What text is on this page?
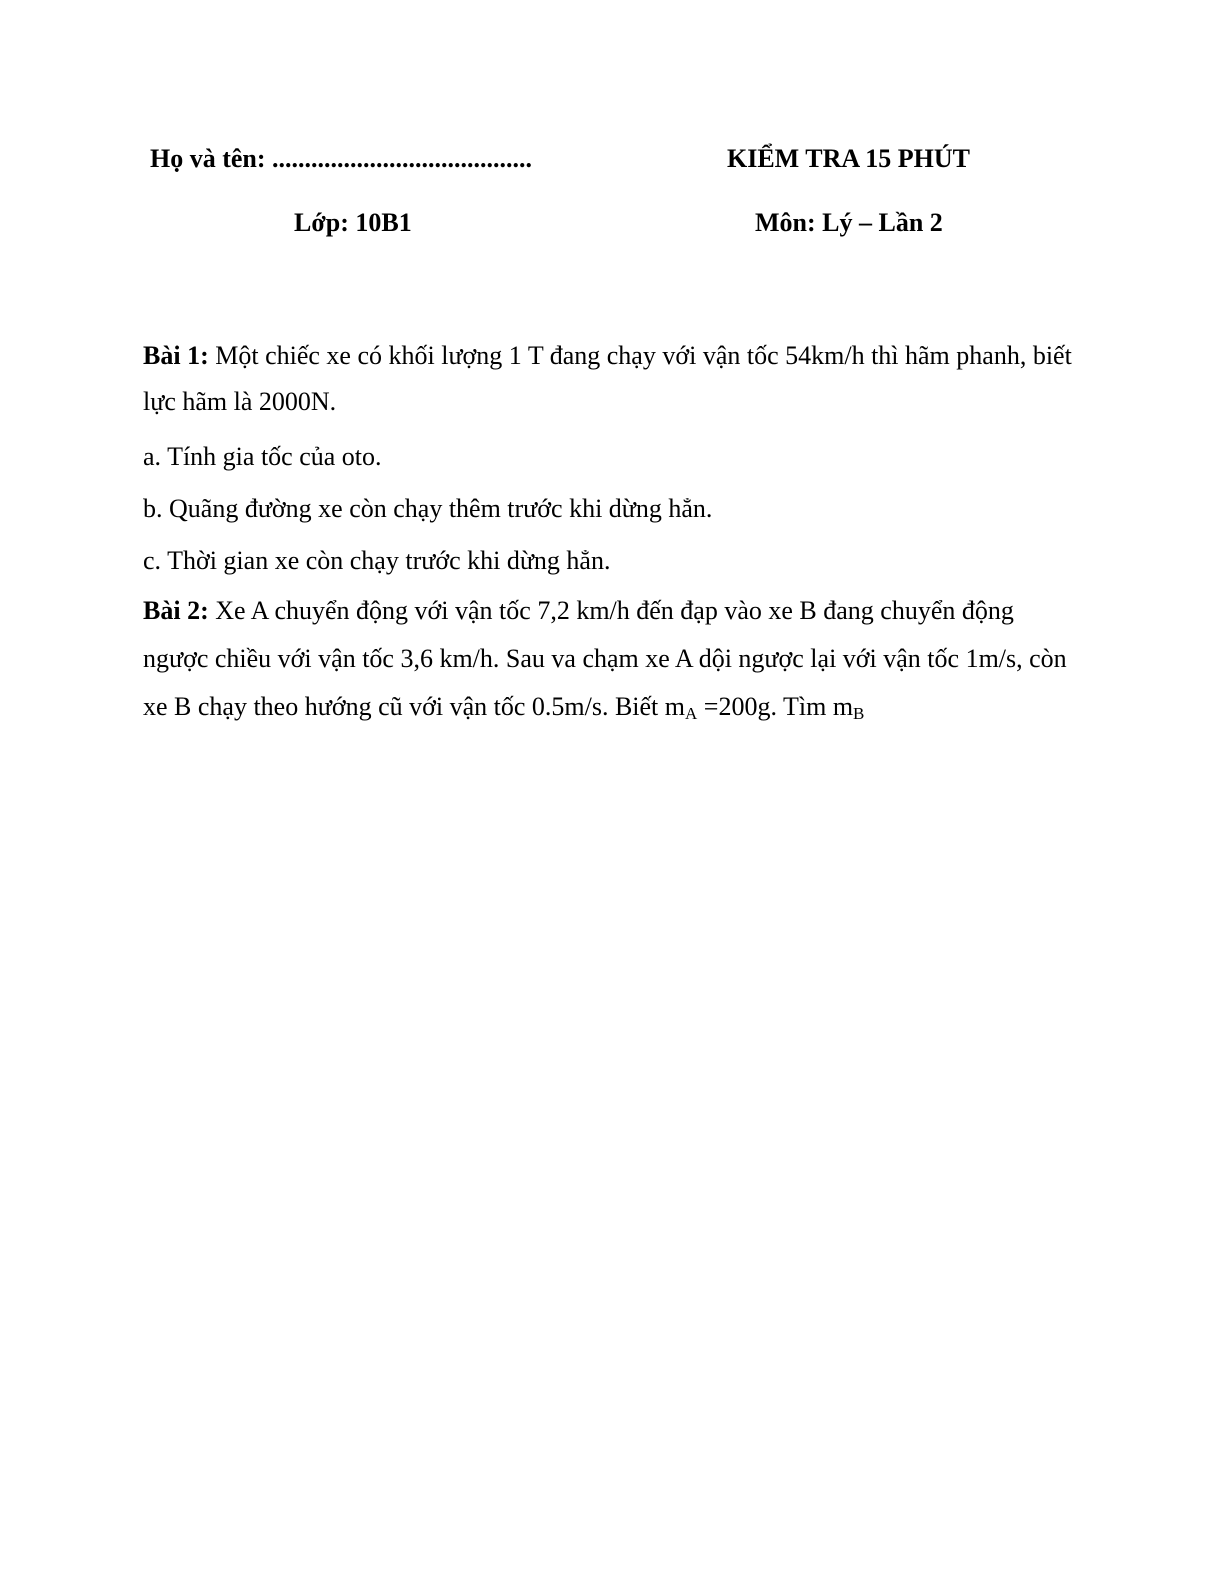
Họ và tên: ........................................	KIỂM TRA 15 PHÚT
Lớp: 10B1	Môn: Lý – Lần 2

Bài 1: Một chiếc xe có khối lượng 1 T đang chạy với vận tốc 54km/h thì hãm phanh, biết lực hãm là 2000N.

a. Tính gia tốc của oto.

b. Quãng đường xe còn chạy thêm trước khi dừng hẳn.

c. Thời gian xe còn chạy trước khi dừng hẳn.

Bài 2: Xe A chuyển động với vận tốc 7,2 km/h đến đạp vào xe B đang chuyển động ngược chiều với vận tốc 3,6 km/h. Sau va chạm xe A dội ngược lại với vận tốc 1m/s, còn xe B chạy theo hướng cũ với vận tốc 0.5m/s. Biết $m_A =200g$. Tìm $m_B$
